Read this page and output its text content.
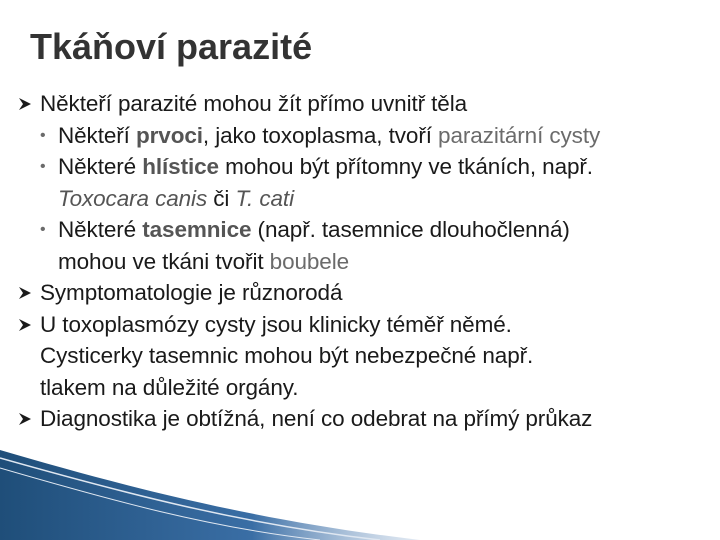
Tkáňoví parazité
Někteří parazité mohou žít přímo uvnitř těla
• Někteří prvoci, jako toxoplasma, tvoří parazitární cysty
• Některé hlístice mohou být přítomny ve tkáních, např.
Toxocara canis či T. cati
• Některé tasemnice (např. tasemnice dlouhočlenná)
mohou ve tkáni tvořit boubele
Symptomatologie je různorodá
U toxoplasmózy cysty jsou klinicky téměř němé.
Cysticerky tasemnic mohou být nebezpečné např.
tlakem na důležité orgány.
Diagnostika je obtížná, není co odebrat na přímý průkaz
